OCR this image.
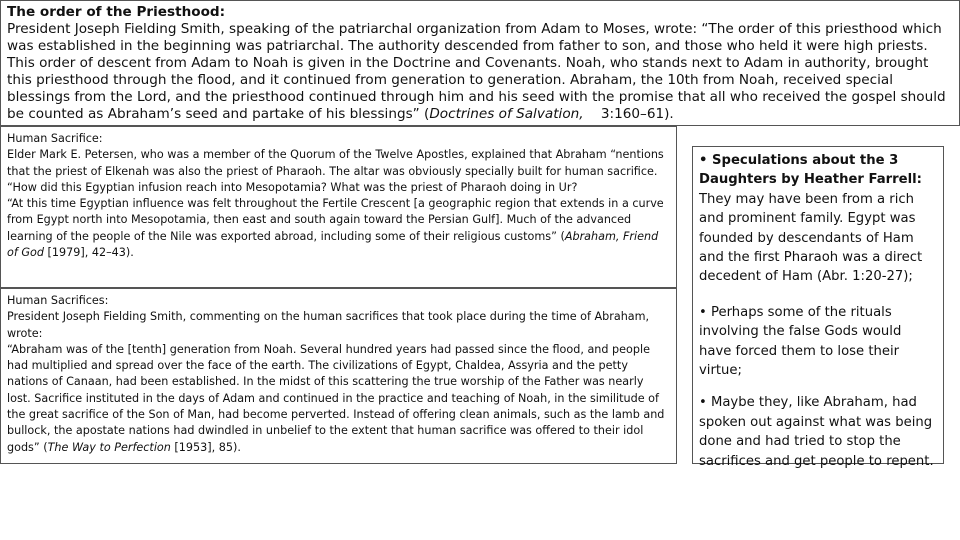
The order of the Priesthood:
President Joseph Fielding Smith, speaking of the patriarchal organization from Adam to Moses, wrote: “The order of this priesthood which was established in the beginning was patriarchal. The authority descended from father to son, and those who held it were high priests. This order of descent from Adam to Noah is given in the Doctrine and Covenants. Noah, who stands next to Adam in authority, brought this priesthood through the flood, and it continued from generation to generation. Abraham, the 10th from Noah, received special blessings from the Lord, and the priesthood continued through him and his seed with the promise that all who received the gospel should be counted as Abraham’s seed and partake of his blessings” (Doctrines of Salvation,    3:160–61).

Human Sacrifice:

Elder Mark E. Petersen, who was a member of the Quorum of the Twelve Apostles, explained that Abraham “nentions that the priest of Elkenah was also the priest of Pharaoh. The altar was obviously specially built for human sacrifice.

“How did this Egyptian infusion reach into Mesopotamia? What was the priest of Pharaoh doing in Ur?

“At this time Egyptian influence was felt throughout the Fertile Crescent [a geographic region that extends in a curve from Egypt north into Mesopotamia, then east and south again toward the Persian Gulf]. Much of the advanced learning of the people of the Nile was exported abroad, including some of their religious customs” (Abraham, Friend of God [1979], 42–43).

Human Sacrifices:

President Joseph Fielding Smith, commenting on the human sacrifices that took place during the time of Abraham, wrote:

“Abraham was of the [tenth] generation from Noah. Several hundred years had passed since the flood, and people had multiplied and spread over the face of the earth. The civilizations of Egypt, Chaldea, Assyria and the petty nations of Canaan, had been established. In the midst of this scattering the true worship of the Father was nearly lost. Sacrifice instituted in the days of Adam and continued in the practice and teaching of Noah, in the similitude of the great sacrifice of the Son of Man, had become perverted. Instead of offering clean animals, such as the lamb and bullock, the apostate nations had dwindled in unbelief to the extent that human sacrifice was offered to their idol gods” (The Way to Perfection [1953], 85).

• Speculations about the 3 Daughters by Heather Farrell:

They may have been from a rich and prominent family. Egypt was founded by descendants of Ham and the first Pharaoh was a direct decedent of Ham (Abr. 1:20-27);

• Perhaps some of the rituals involving the false Gods would have forced them to lose their virtue;

• Maybe they, like Abraham, had spoken out against what was being done and had tried to stop the sacrifices and get people to repent.
